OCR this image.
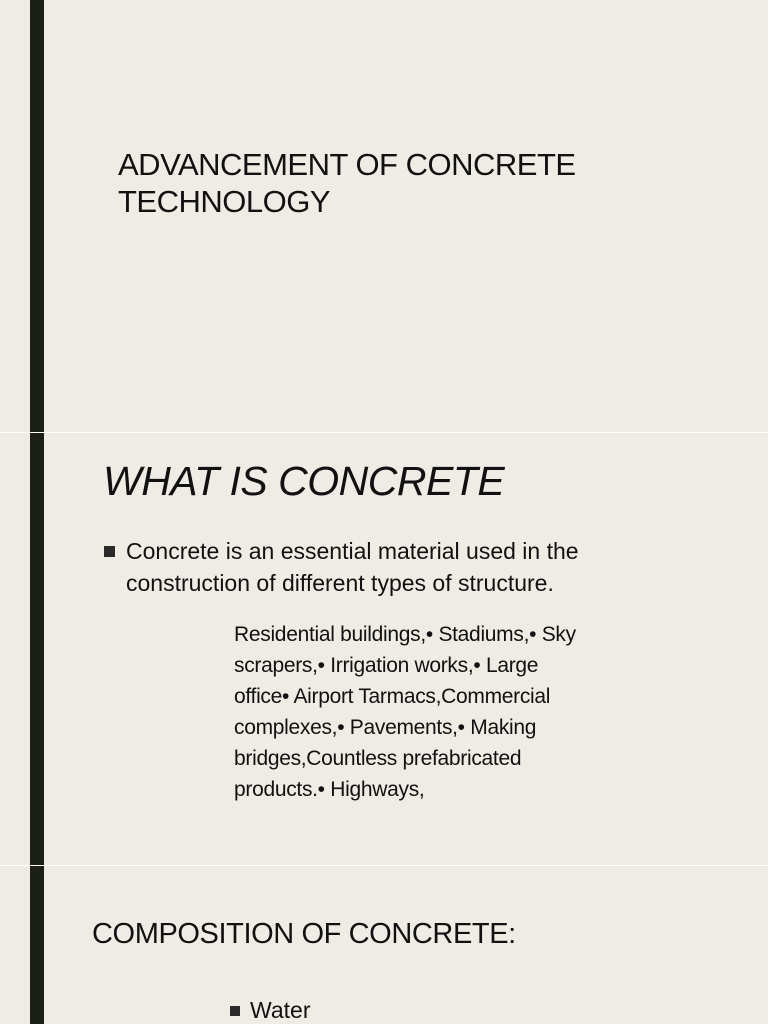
ADVANCEMENT OF CONCRETE TECHNOLOGY
WHAT IS CONCRETE
Concrete is an essential material used in the construction of different types of structure.

Residential buildings,• Stadiums,• Sky scrapers,• Irrigation works,• Large office• Airport Tarmacs,Commercial complexes,• Pavements,• Making bridges,Countless prefabricated products.• Highways,

COMPOSITION OF CONCRETE:
Water
